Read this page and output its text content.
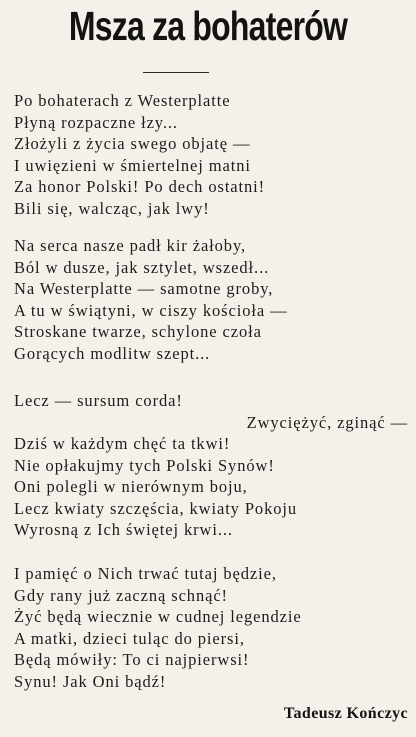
Msza za bohaterów
Po bohaterach z Westerplatte
Płyną rozpaczne łzy...
Złożyli z życia swego objatę —
I uwięzieni w śmiertelnej matni
Za honor Polski! Po dech ostatni!
Bili się, walcząc, jak lwy!
Na serca nasze padł kir żałoby,
Ból w dusze, jak sztylet, wszedł...
Na Westerplatte — samotne groby,
A tu w świątyni, w ciszy kościoła —
Stroskane twarze, schylone czoła
Gorących modlitw szept...
Lecz — sursum corda!
Zwyciężyć, zginąć —
Dziś w każdym chęć ta tkwi!
Nie opłakujmy tych Polski Synów!
Oni polegli w nierównym boju,
Lecz kwiaty szczęścia, kwiaty Pokoju
Wyrosną z Ich świętej krwi...
I pamięć o Nich trwać tutaj będzie,
Gdy rany już zaczną schnąć!
Żyć będą wiecznie w cudnej legendzie
A matki, dzieci tuląc do piersi,
Będą mówiły: To ci najpierwsi!
Synu! Jak Oni bądź!
Tadeusz Kończyc
